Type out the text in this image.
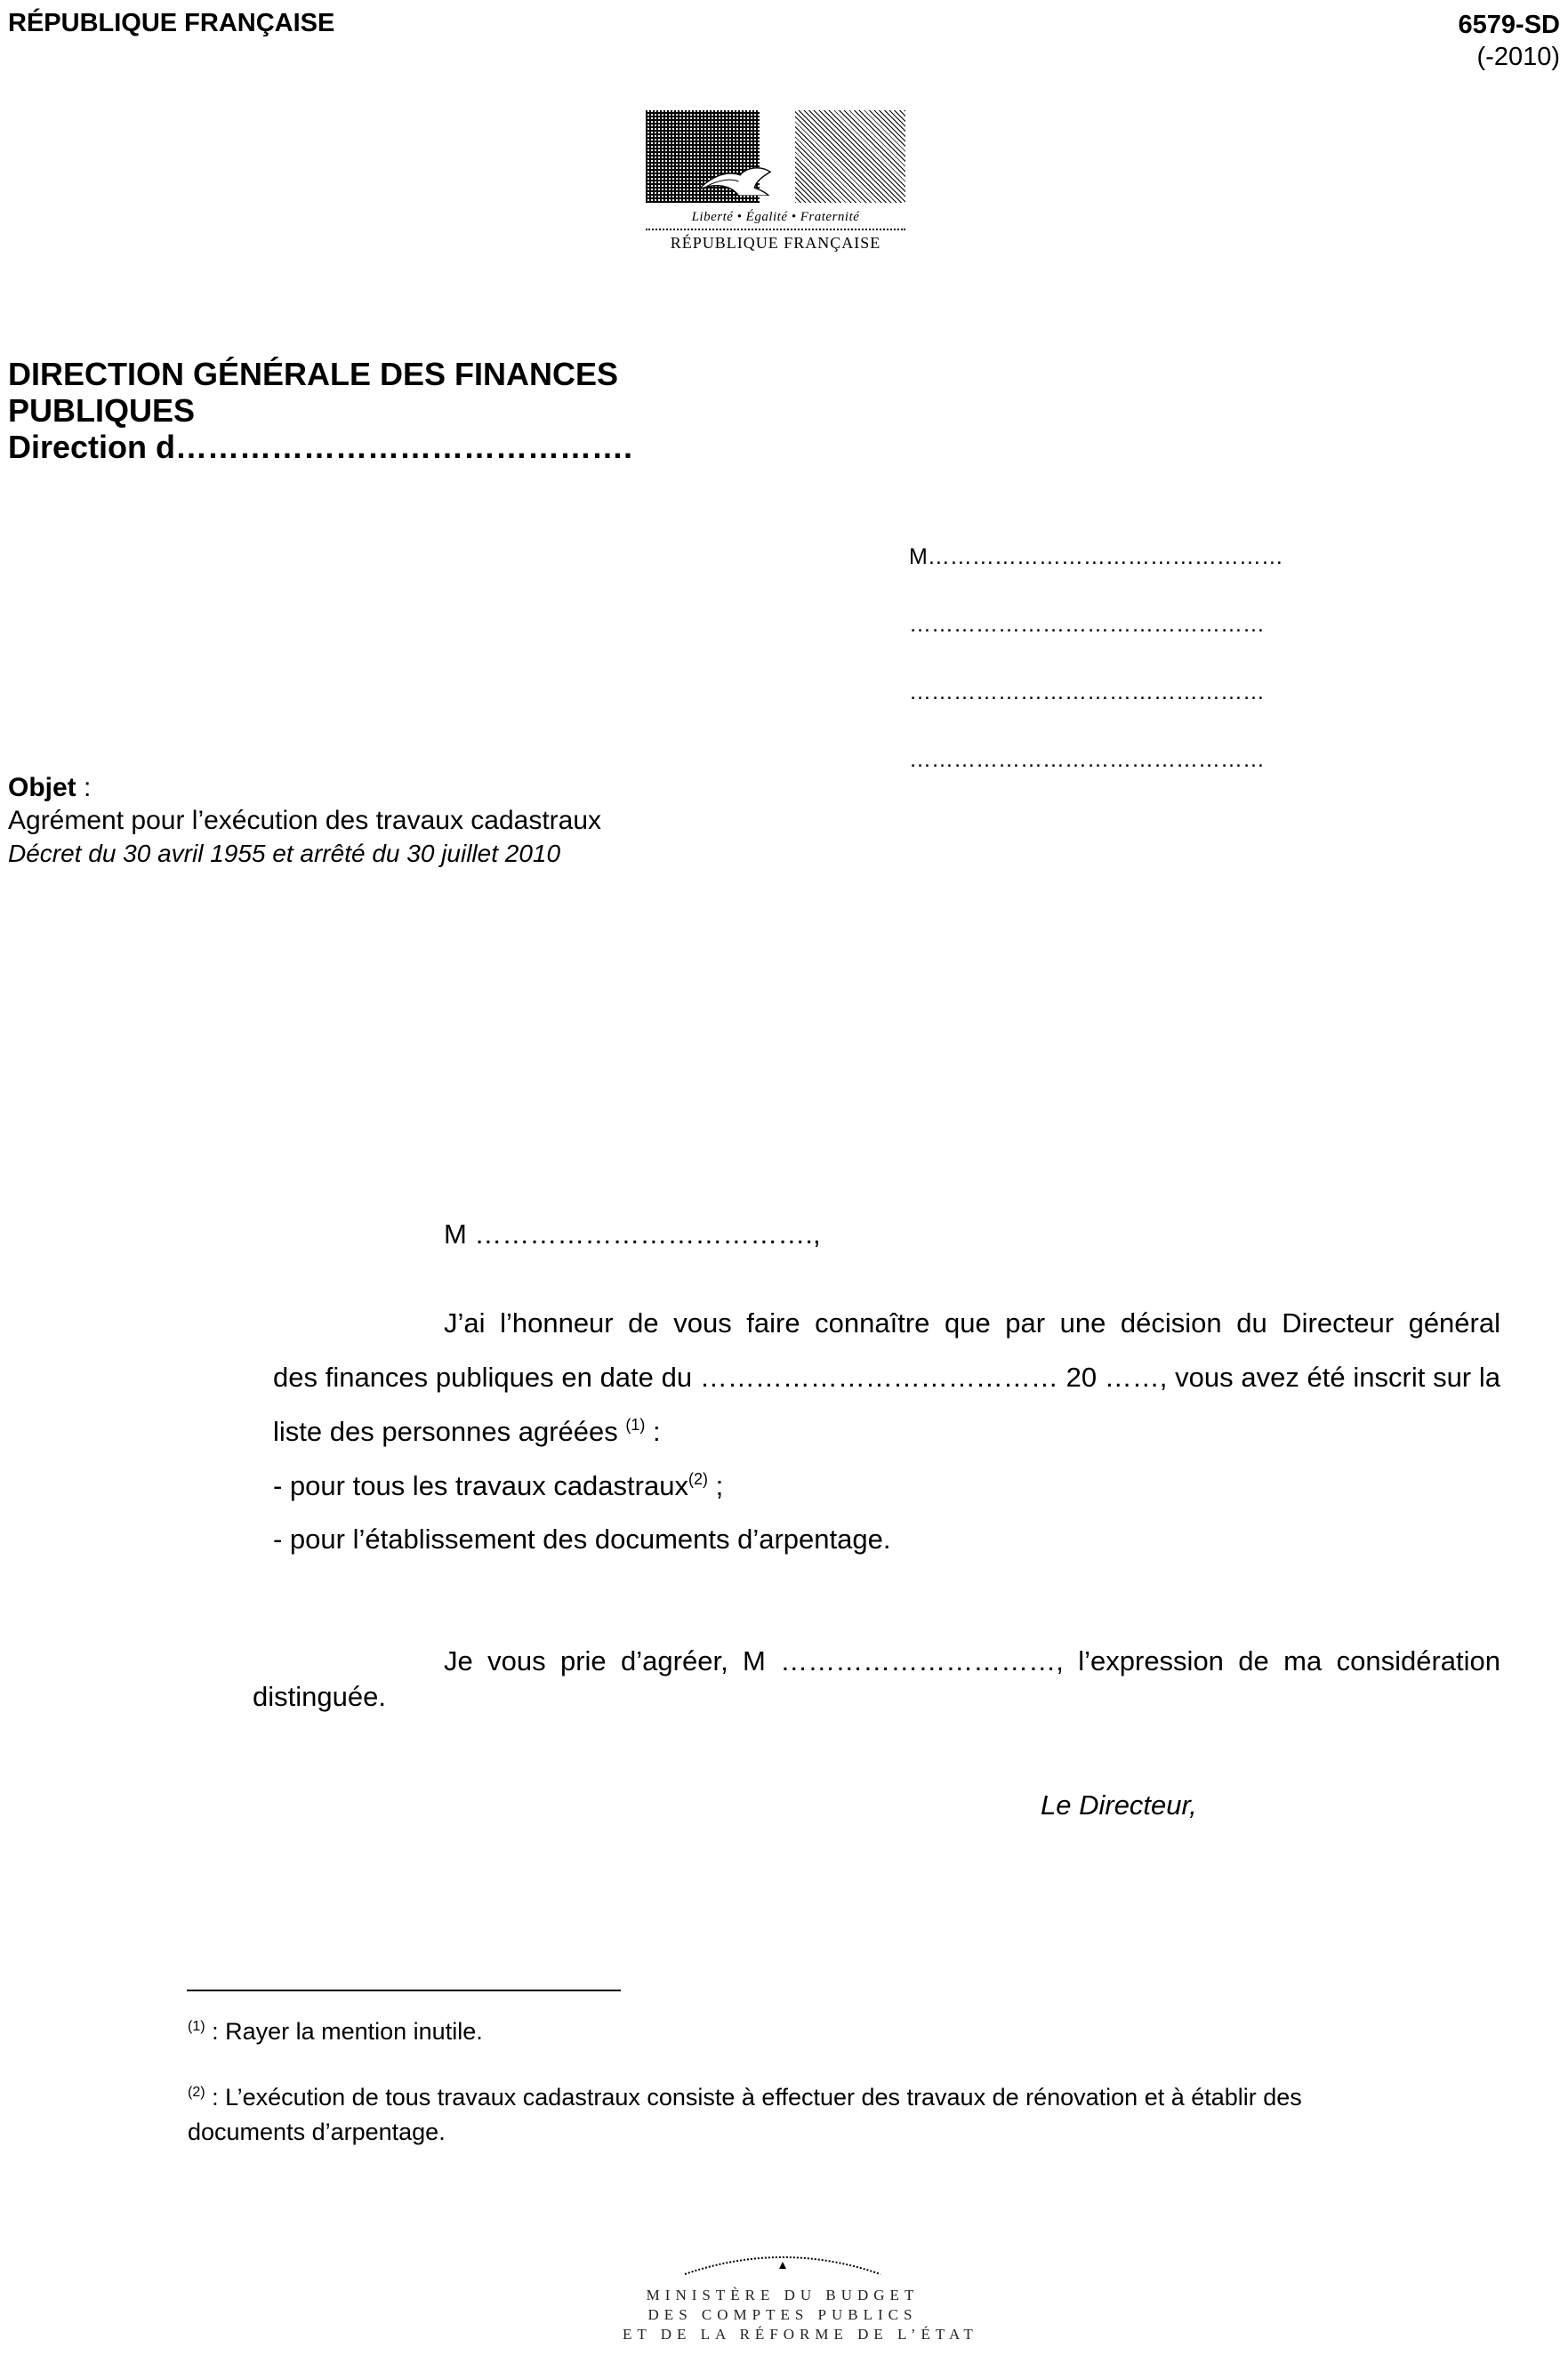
RÉPUBLIQUE FRANÇAISE	6579-SD
(-2010)
Liberté • Égalité • Fraternité
RÉPUBLIQUE FRANÇAISE
DIRECTION GÉNÉRALE DES FINANCES
PUBLIQUES
Direction d…………………………………….
M…………………………………………
…………………………………………
…………………………………………
…………………………………………
Objet :
Agrément pour l’exécution des travaux cadastraux
Décret du 30 avril 1955 et arrêté du 30 juillet 2010
M ……………………………….,
J’ai l’honneur de vous faire connaître que par une décision du Directeur général
des finances publiques en date du ………………………………… 20 ……, vous avez été inscrit sur la
liste des personnes agréées $^{(1)}$ :
- pour tous les travaux cadastraux$^{(2)}$ ;
- pour l’établissement des documents d’arpentage.
Je vous prie d’agréer, M …………………………, l’expression de ma considération
distinguée.
Le Directeur,
$^{(1)}$ : Rayer la mention inutile.
$^{(2)}$ : L’exécution de tous travaux cadastraux consiste à effectuer des travaux de rénovation et à établir des
documents d’arpentage.
MINISTÈRE DU BUDGET
DES COMPTES PUBLICS
ET DE LA RÉFORME DE L’ÉTAT
